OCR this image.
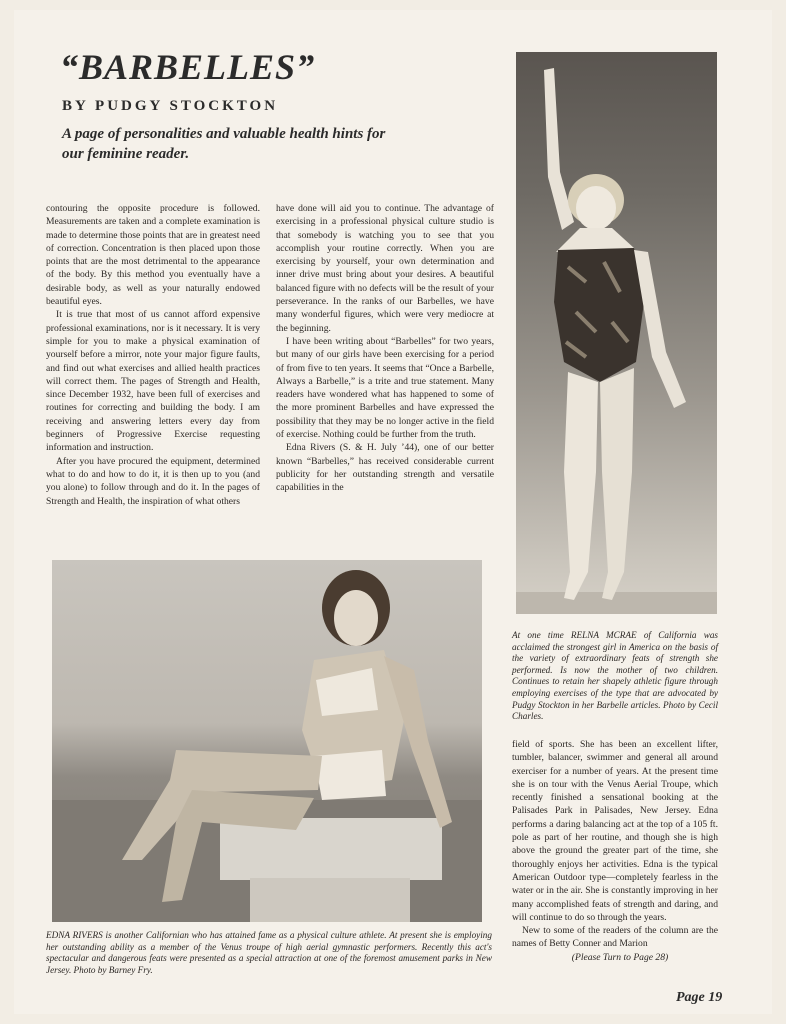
“BARBELLES”
BY PUDGY STOCKTON
A page of personalities and valuable health hints for our feminine reader.

contouring the opposite procedure is followed. Measurements are taken and a complete examination is made to determine those points that are in greatest need of correction. Concentration is then placed upon those points that are the most detrimental to the appearance of the body. By this method you eventually have a desirable body, as well as your naturally endowed beautiful eyes.

It is true that most of us cannot afford expensive professional examinations, nor is it necessary. It is very simple for you to make a physical examination of yourself before a mirror, note your major figure faults, and find out what exercises and allied health practices will correct them. The pages of Strength and Health, since December 1932, have been full of exercises and routines for correcting and building the body. I am receiving and answering letters every day from beginners of Progressive Exercise requesting information and instruction.

After you have procured the equipment, determined what to do and how to do it, it is then up to you (and you alone) to follow through and do it. In the pages of Strength and Health, the inspiration of what others

have done will aid you to continue. The advantage of exercising in a professional physical culture studio is that somebody is watching you to see that you accomplish your routine correctly. When you are exercising by yourself, your own determination and inner drive must bring about your desires. A beautiful balanced figure with no defects will be the result of your perseverance. In the ranks of our Barbelles, we have many wonderful figures, which were very mediocre at the beginning.

I have been writing about “Barbelles” for two years, but many of our girls have been exercising for a period of from five to ten years. It seems that “Once a Barbelle, Always a Barbelle,” is a trite and true statement. Many readers have wondered what has happened to some of the more prominent Barbelles and have expressed the possibility that they may be no longer active in the field of exercise. Nothing could be further from the truth.

Edna Rivers (S. & H. July ’44), one of our better known “Barbelles,” has received considerable current publicity for her outstanding strength and versatile capabilities in the

At one time RELNA MCRAE of California was acclaimed the strongest girl in America on the basis of the variety of extraordinary feats of strength she performed. Is now the mother of two children. Continues to retain her shapely athletic figure through employing exercises of the type that are advocated by Pudgy Stockton in her Barbelle articles. Photo by Cecil Charles.

field of sports. She has been an excellent lifter, tumbler, balancer, swimmer and general all around exerciser for a number of years. At the present time she is on tour with the Venus Aerial Troupe, which recently finished a sensational booking at the Palisades Park in Palisades, New Jersey. Edna performs a daring balancing act at the top of a 105 ft. pole as part of her routine, and though she is high above the ground the greater part of the time, she thoroughly enjoys her activities. Edna is the typical American Outdoor type—completely fearless in the water or in the air. She is constantly improving in her many accomplished feats of strength and daring, and will continue to do so through the years.

New to some of the readers of the column are the names of Betty Conner and Marion

(Please Turn to Page 28)

EDNA RIVERS is another Californian who has attained fame as a physical culture athlete. At present she is employing her outstanding ability as a member of the Venus troupe of high aerial gymnastic performers. Recently this act's spectacular and dangerous feats were presented as a special attraction at one of the foremost amusement parks in New Jersey. Photo by Barney Fry.
Page 19
